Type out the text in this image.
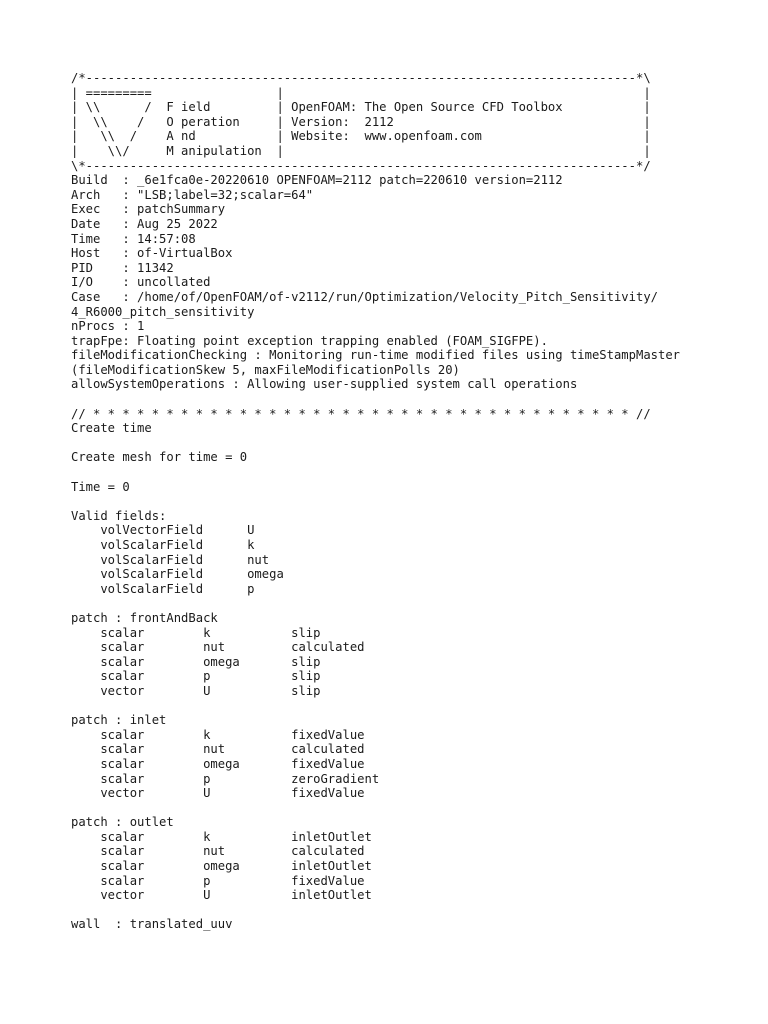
/*---------------------------------------------------------------------------*\
| =========                 |                                                 |
| \\      /  F ield         | OpenFOAM: The Open Source CFD Toolbox           |
|  \\    /   O peration     | Version:  2112                                  |
|   \\  /    A nd           | Website:  www.openfoam.com                      |
|    \\/     M anipulation  |                                                 |
\*---------------------------------------------------------------------------*/
Build  : _6e1fca0e-20220610 OPENFOAM=2112 patch=220610 version=2112
Arch   : "LSB;label=32;scalar=64"
Exec   : patchSummary
Date   : Aug 25 2022
Time   : 14:57:08
Host   : of-VirtualBox
PID    : 11342
I/O    : uncollated
Case   : /home/of/OpenFOAM/of-v2112/run/Optimization/Velocity_Pitch_Sensitivity/
4_R6000_pitch_sensitivity
nProcs : 1
trapFpe: Floating point exception trapping enabled (FOAM_SIGFPE).
fileModificationChecking : Monitoring run-time modified files using timeStampMaster
(fileModificationSkew 5, maxFileModificationPolls 20)
allowSystemOperations : Allowing user-supplied system call operations
// * * * * * * * * * * * * * * * * * * * * * * * * * * * * * * * * * * * * * //
Create time
Create mesh for time = 0
Time = 0
Valid fields:
volVectorField      U
volScalarField      k
volScalarField      nut
volScalarField      omega
volScalarField      p
patch : frontAndBack
scalar        k           slip
scalar        nut         calculated
scalar        omega       slip
scalar        p           slip
vector        U           slip
patch : inlet
scalar        k           fixedValue
scalar        nut         calculated
scalar        omega       fixedValue
scalar        p           zeroGradient
vector        U           fixedValue
patch : outlet
scalar        k           inletOutlet
scalar        nut         calculated
scalar        omega       inletOutlet
scalar        p           fixedValue
vector        U           inletOutlet
wall  : translated_uuv
